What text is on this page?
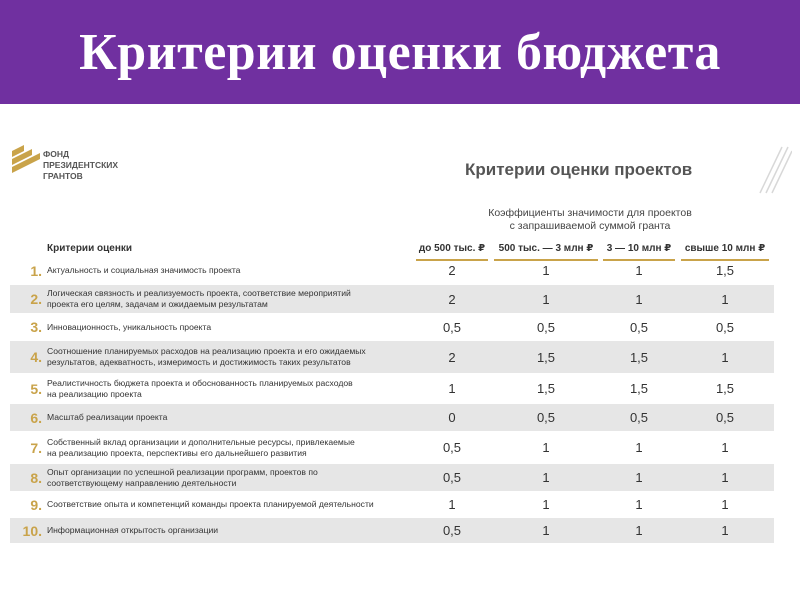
Критерии оценки бюджета
ФОНД
ПРЕЗИДЕНТСКИХ
ГРАНТОВ	Критерии оценки проектов
Коэффициенты значимости для проектов
с запрашиваемой суммой гранта
Критерии оценки	до 500 тыс. ₽	500 тыс. — 3 млн ₽	3 — 10 млн ₽	свыше 10 млн ₽
1. Актуальность и социальная значимость проекта	2	1	1	1,5
2. Логическая связность и реализуемость проекта, соответствие мероприятий
проекта его целям, задачам и ожидаемым результатам	2	1	1	1
3. Инновационность, уникальность проекта	0,5	0,5	0,5	0,5
4. Соотношение планируемых расходов на реализацию проекта и его ожидаемых
результатов, адекватность, измеримость и достижимость таких результатов	2	1,5	1,5	1
5. Реалистичность бюджета проекта и обоснованность планируемых расходов
на реализацию проекта	1	1,5	1,5	1,5
6. Масштаб реализации проекта	0	0,5	0,5	0,5
7. Собственный вклад организации и дополнительные ресурсы, привлекаемые
на реализацию проекта, перспективы его дальнейшего развития	0,5	1	1	1
8. Опыт организации по успешной реализации программ, проектов по
соответствующему направлению деятельности	0,5	1	1	1
9. Соответствие опыта и компетенций команды проекта планируемой деятельности	1	1	1	1
10. Информационная открытость организации	0,5	1	1	1
